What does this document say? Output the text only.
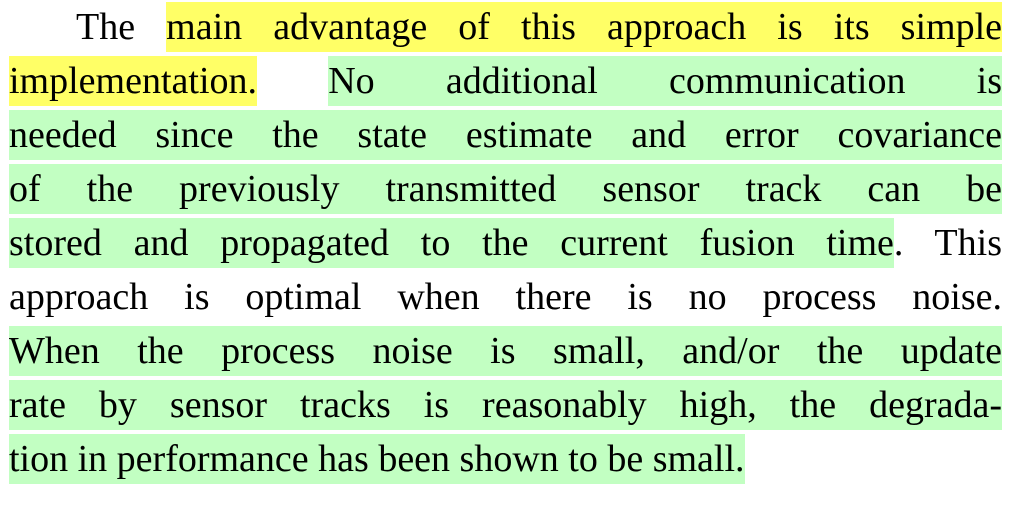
The main advantage of this approach is its simple
implementation. No additional communication is
needed since the state estimate and error covariance
of the previously transmitted sensor track can be
stored and propagated to the current fusion time. This
approach is optimal when there is no process noise.
When the process noise is small, and/or the update
rate by sensor tracks is reasonably high, the degrada-
tion in performance has been shown to be small.
